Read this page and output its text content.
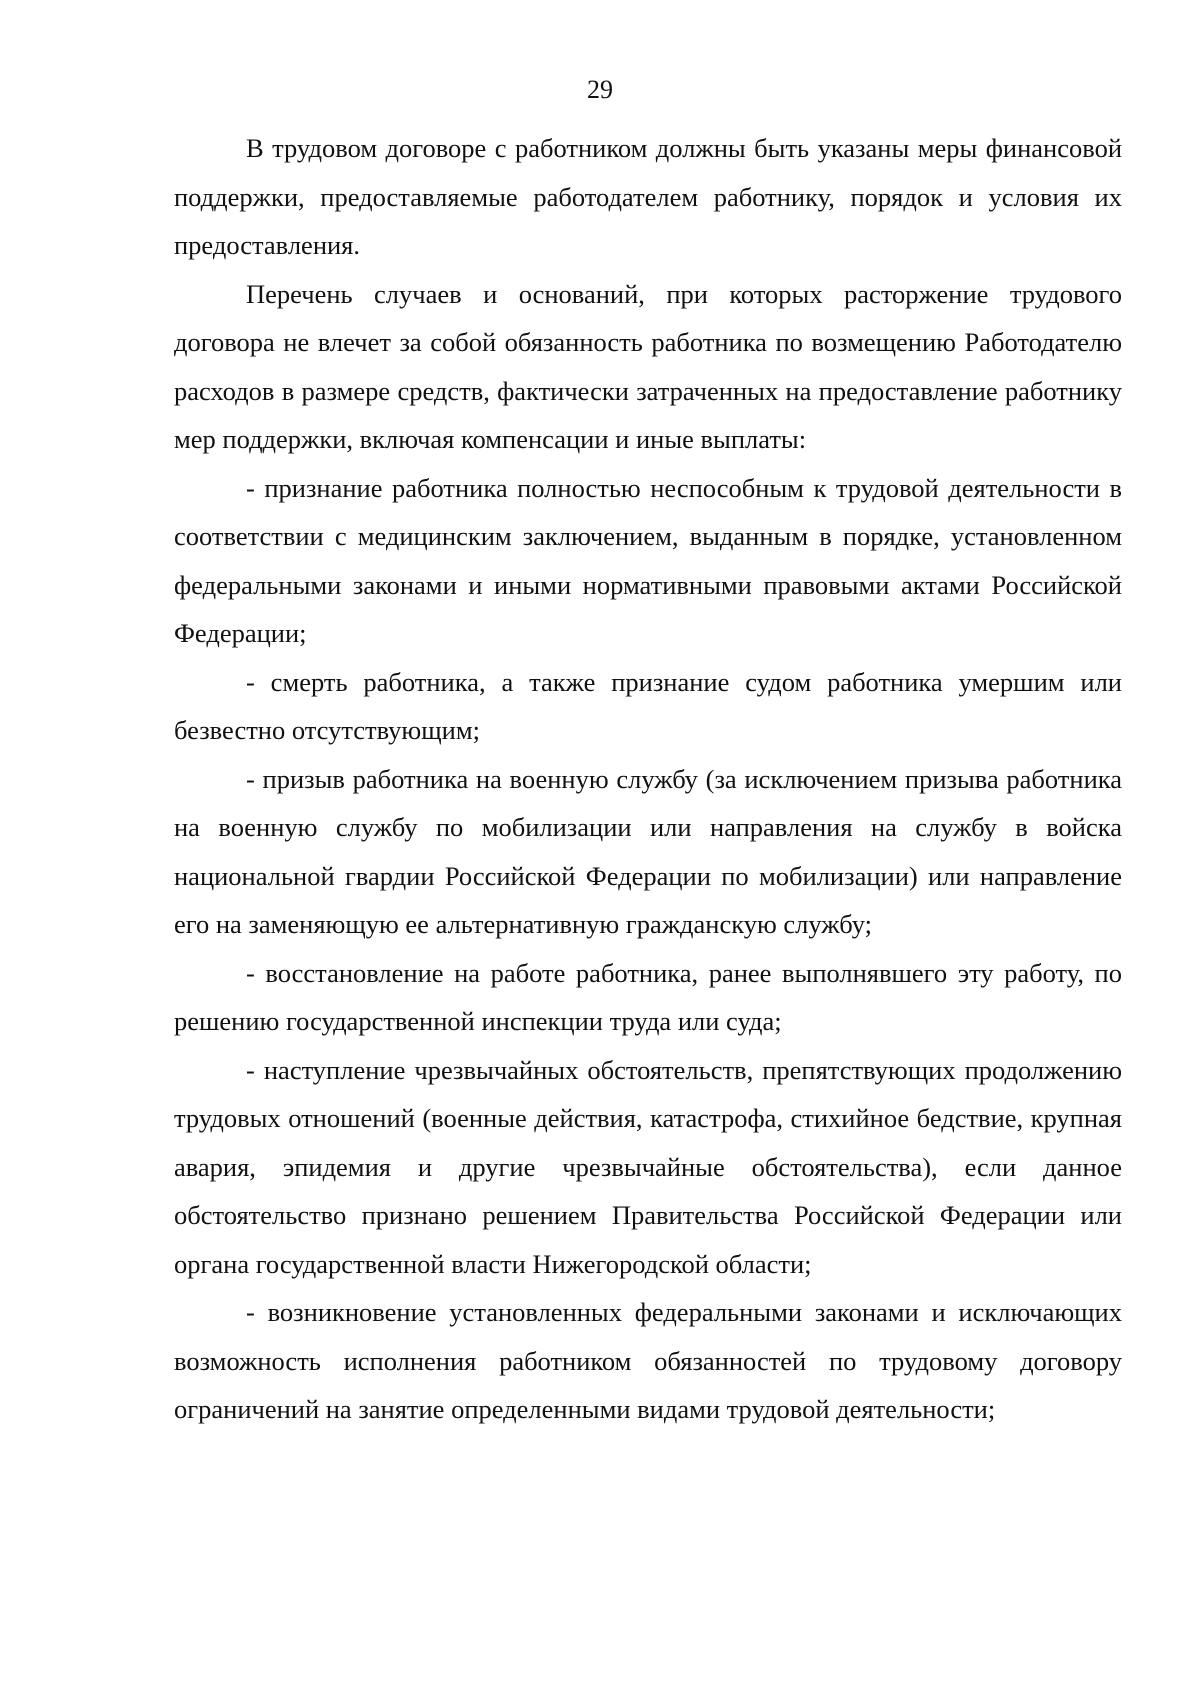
29

В трудовом договоре с работником должны быть указаны меры финансовой поддержки, предоставляемые работодателем работнику, порядок и условия их предоставления.

Перечень случаев и оснований, при которых расторжение трудового договора не влечет за собой обязанность работника по возмещению Работодателю расходов в размере средств, фактически затраченных на предоставление работнику мер поддержки, включая компенсации и иные выплаты:

- признание работника полностью неспособным к трудовой деятельности в соответствии с медицинским заключением, выданным в порядке, установленном федеральными законами и иными нормативными правовыми актами Российской Федерации;

- смерть работника, а также признание судом работника умершим или безвестно отсутствующим;

- призыв работника на военную службу (за исключением призыва работника на военную службу по мобилизации или направления на службу в войска национальной гвардии Российской Федерации по мобилизации) или направление его на заменяющую ее альтернативную гражданскую службу;

- восстановление на работе работника, ранее выполнявшего эту работу, по решению государственной инспекции труда или суда;

- наступление чрезвычайных обстоятельств, препятствующих продолжению трудовых отношений (военные действия, катастрофа, стихийное бедствие, крупная авария, эпидемия и другие чрезвычайные обстоятельства), если данное обстоятельство признано решением Правительства Российской Федерации или органа государственной власти Нижегородской области;

- возникновение установленных федеральными законами и исключающих возможность исполнения работником обязанностей по трудовому договору ограничений на занятие определенными видами трудовой деятельности;
